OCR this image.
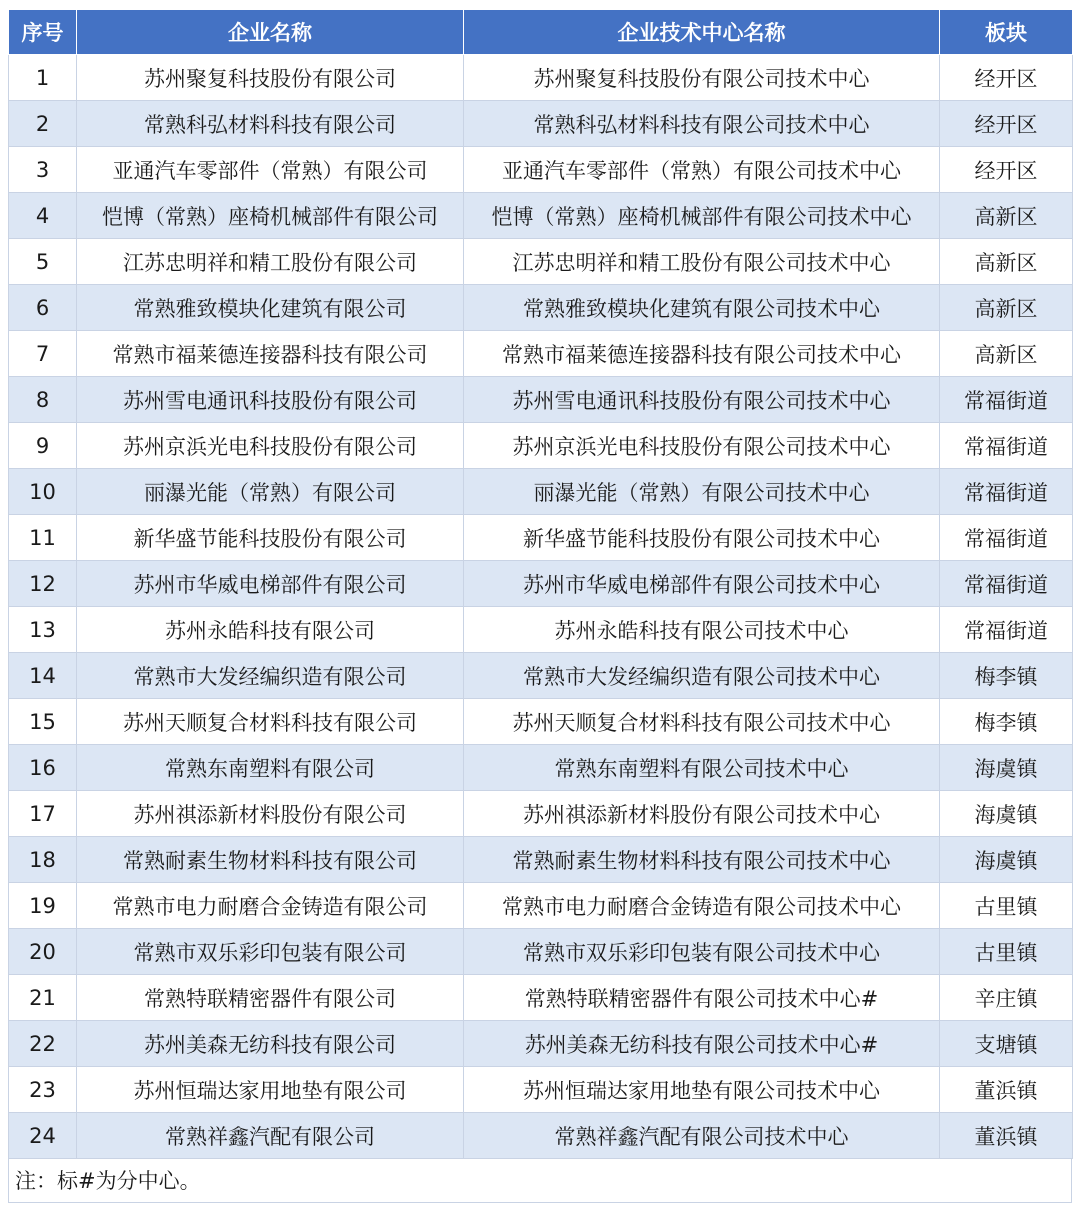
序号	企业名称	企业技术中心名称	板块
1	苏州聚复科技股份有限公司	苏州聚复科技股份有限公司技术中心	经开区
2	常熟科弘材料科技有限公司	常熟科弘材料科技有限公司技术中心	经开区
3	亚通汽车零部件（常熟）有限公司	亚通汽车零部件（常熟）有限公司技术中心	经开区
4	恺博（常熟）座椅机械部件有限公司	恺博（常熟）座椅机械部件有限公司技术中心	高新区
5	江苏忠明祥和精工股份有限公司	江苏忠明祥和精工股份有限公司技术中心	高新区
6	常熟雅致模块化建筑有限公司	常熟雅致模块化建筑有限公司技术中心	高新区
7	常熟市福莱德连接器科技有限公司	常熟市福莱德连接器科技有限公司技术中心	高新区
8	苏州雪电通讯科技股份有限公司	苏州雪电通讯科技股份有限公司技术中心	常福街道
9	苏州京浜光电科技股份有限公司	苏州京浜光电科技股份有限公司技术中心	常福街道
10	丽瀑光能（常熟）有限公司	丽瀑光能（常熟）有限公司技术中心	常福街道
11	新华盛节能科技股份有限公司	新华盛节能科技股份有限公司技术中心	常福街道
12	苏州市华威电梯部件有限公司	苏州市华威电梯部件有限公司技术中心	常福街道
13	苏州永皓科技有限公司	苏州永皓科技有限公司技术中心	常福街道
14	常熟市大发经编织造有限公司	常熟市大发经编织造有限公司技术中心	梅李镇
15	苏州天顺复合材料科技有限公司	苏州天顺复合材料科技有限公司技术中心	梅李镇
16	常熟东南塑料有限公司	常熟东南塑料有限公司技术中心	海虞镇
17	苏州祺添新材料股份有限公司	苏州祺添新材料股份有限公司技术中心	海虞镇
18	常熟耐素生物材料科技有限公司	常熟耐素生物材料科技有限公司技术中心	海虞镇
19	常熟市电力耐磨合金铸造有限公司	常熟市电力耐磨合金铸造有限公司技术中心	古里镇
20	常熟市双乐彩印包装有限公司	常熟市双乐彩印包装有限公司技术中心	古里镇
21	常熟特联精密器件有限公司	常熟特联精密器件有限公司技术中心#	辛庄镇
22	苏州美森无纺科技有限公司	苏州美森无纺科技有限公司技术中心#	支塘镇
23	苏州恒瑞达家用地垫有限公司	苏州恒瑞达家用地垫有限公司技术中心	董浜镇
24	常熟祥鑫汽配有限公司	常熟祥鑫汽配有限公司技术中心	董浜镇
注：标#为分中心。
